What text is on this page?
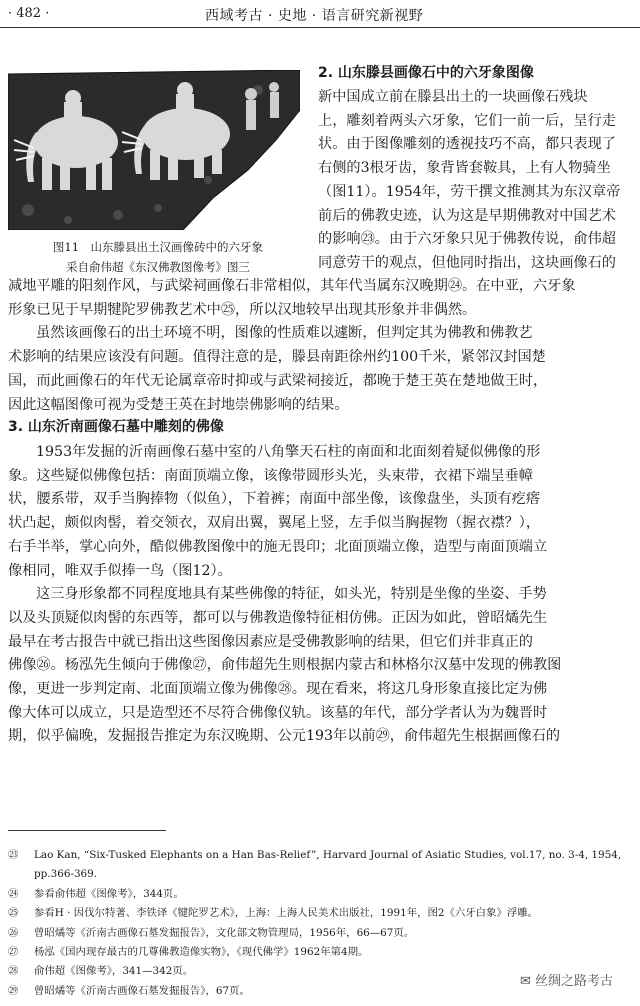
· 482 ·	西域考古 · 史地 · 语言研究新视野
图11　山东滕县出土汉画像砖中的六牙象
采自俞伟超《东汉佛教图像考》图三
2. 山东滕县画像石中的六牙象图像
新中国成立前在滕县出土的一块画像石残块
上，雕刻着两头六牙象，它们一前一后，呈行走
状。由于图像雕刻的透视技巧不高，都只表现了
右侧的3根牙齿，象背皆套鞍具，上有人物骑坐
（图11）。1954年，劳干撰文推测其为东汉章帝
前后的佛教史迹，认为这是早期佛教对中国艺术
的影响㉓。由于六牙象只见于佛教传说，俞伟超
同意劳干的观点，但他同时指出，这块画像石的
减地平雕的阳刻作风，与武梁祠画像石非常相似，其年代当属东汉晚期㉔。在中亚，六牙象
形象已见于早期犍陀罗佛教艺术中㉕，所以汉地较早出现其形象并非偶然。
虽然该画像石的出土环境不明，图像的性质难以遽断，但判定其为佛教和佛教艺
术影响的结果应该没有问题。值得注意的是，滕县南距徐州约100千米，紧邻汉封国楚
国，而此画像石的年代无论属章帝时抑或与武梁祠接近，都晚于楚王英在楚地做王时，
因此这幅图像可视为受楚王英在封地崇佛影响的结果。
3. 山东沂南画像石墓中雕刻的佛像
1953年发掘的沂南画像石墓中室的八角擎天石柱的南面和北面刻着疑似佛像的形
象。这些疑似佛像包括：南面顶端立像，该像带圆形头光，头束带，衣裙下端呈垂幛
状，腰系带，双手当胸捧物（似鱼），下着裤；南面中部坐像，该像盘坐，头顶有疙瘩
状凸起，颇似肉髻，着交领衣，双肩出翼，翼尾上竖，左手似当胸握物（握衣襟？），
右手半举，掌心向外，酷似佛教图像中的施无畏印；北面顶端立像，造型与南面顶端立
像相同，唯双手似捧一鸟（图12）。
这三身形象都不同程度地具有某些佛像的特征，如头光，特别是坐像的坐姿、手势
以及头顶疑似肉髻的东西等，都可以与佛教造像特征相仿佛。正因为如此，曾昭燏先生
最早在考古报告中就已指出这些图像因素应是受佛教影响的结果，但它们并非真正的
佛像㉖。杨泓先生倾向于佛像㉗，俞伟超先生则根据内蒙古和林格尔汉墓中发现的佛教图
像，更进一步判定南、北面顶端立像为佛像㉘。现在看来，将这几身形象直接比定为佛
像大体可以成立，只是造型还不尽符合佛像仪轨。该墓的年代，部分学者认为为魏晋时
期，似乎偏晚，发掘报告推定为东汉晚期、公元193年以前㉙，俞伟超先生根据画像石的
㉓ Lao Kan, “Six-Tusked Elephants on a Han Bas-Relief”, Harvard Journal of Asiatic Studies, vol.17, no. 3-4, 1954,
pp.366-369.
㉔ 参看俞伟超《图像考》，344页。
㉕ 参看H · 因伐尔特著、李铁译《犍陀罗艺术》，上海：上海人民美术出版社，1991年，图2《六牙白象》浮雕。
㉖ 曾昭燏等《沂南古画像石墓发掘报告》，文化部文物管理局，1956年，66—67页。
㉗ 杨泓《国内现存最古的几尊佛教造像实物》，《现代佛学》1962年第4期。
㉘ 俞伟超《图像考》，341—342页。
㉙ 曾昭燏等《沂南古画像石墓发掘报告》，67页。
✉ 丝绸之路考古
